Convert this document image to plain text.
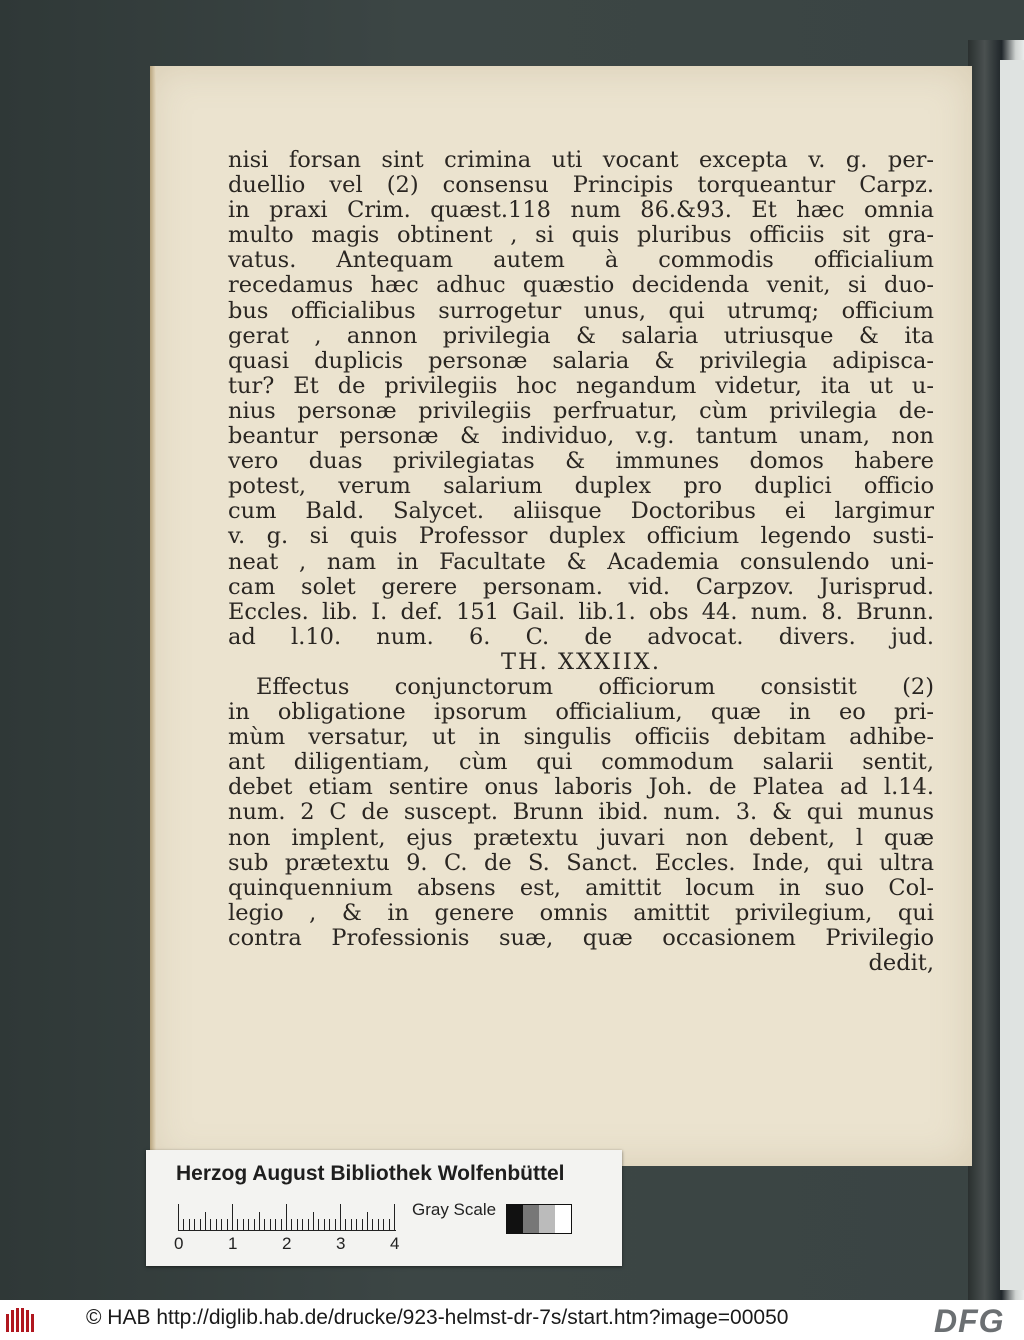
nisi forsan sint crimina uti vocant excepta v. g. per-
duellio vel (2) consensu Principis torqueantur Carpz.
in praxi Crim. quæst.118 num 86.&93. Et hæc omnia
multo magis obtinent , si quis pluribus officiis sit gra-
vatus. Antequam autem à commodis officialium
recedamus hæc adhuc quæstio decidenda venit, si duo-
bus officialibus surrogetur unus, qui utrumq; officium
gerat , annon privilegia & salaria utriusque & ita
quasi duplicis personæ salaria & privilegia adipisca-
tur? Et de privilegiis hoc negandum videtur, ita ut u-
nius personæ privilegiis perfruatur, cùm privilegia de-
beantur personæ & individuo, v.g. tantum unam, non
vero duas privilegiatas & immunes domos habere
potest, verum salarium duplex pro duplici officio
cum Bald. Salycet. aliisque Doctoribus ei largimur
v. g. si quis Professor duplex officium legendo susti-
neat , nam in Facultate & Academia consulendo uni-
cam solet gerere personam. vid. Carpzov. Jurisprud.
Eccles. lib. I. def. 151 Gail. lib.1. obs 44. num. 8. Brunn.
ad l.10. num. 6. C. de advocat. divers. jud.
TH. XXXIIX.
Effectus conjunctorum officiorum consistit (2)
in obligatione ipsorum officialium, quæ in eo pri-
mùm versatur, ut in singulis officiis debitam adhibe-
ant diligentiam, cùm qui commodum salarii sentit,
debet etiam sentire onus laboris Joh. de Platea ad l.14.
num. 2 C de suscept. Brunn ibid. num. 3. & qui munus
non implent, ejus prætextu juvari non debent, l quæ
sub prætextu 9. C. de S. Sanct. Eccles. Inde, qui ultra
quinquennium absens est, amittit locum in suo Col-
legio , & in genere omnis amittit privilegium, qui
contra Professionis suæ, quæ occasionem Privilegio
dedit,
Herzog August Bibliothek Wolfenbüttel
0	1	2	3	4
Gray Scale
© HAB http://diglib.hab.de/drucke/923-helmst-dr-7s/start.htm?image=00050	DFG
